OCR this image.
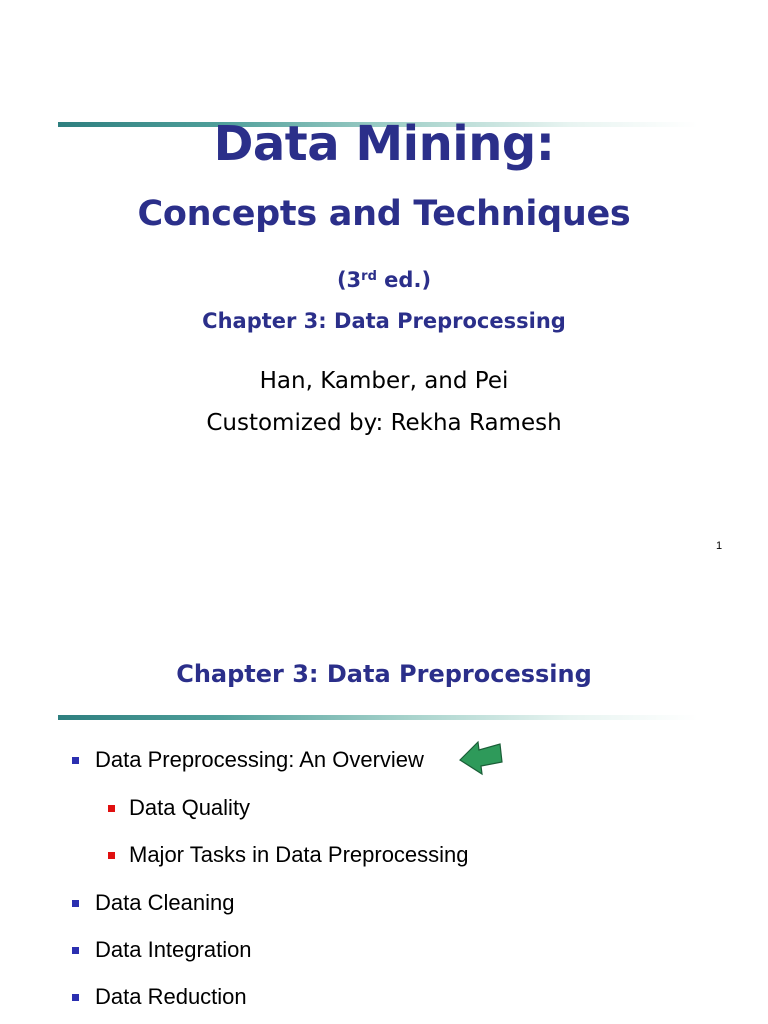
Data Mining:
Concepts and Techniques
(3rd ed.)
Chapter 3: Data Preprocessing
Han, Kamber, and Pei
Customized by: Rekha Ramesh
1
Chapter 3: Data Preprocessing
Data Preprocessing: An Overview
Data Quality
Major Tasks in Data Preprocessing
Data Cleaning
Data Integration
Data Reduction
